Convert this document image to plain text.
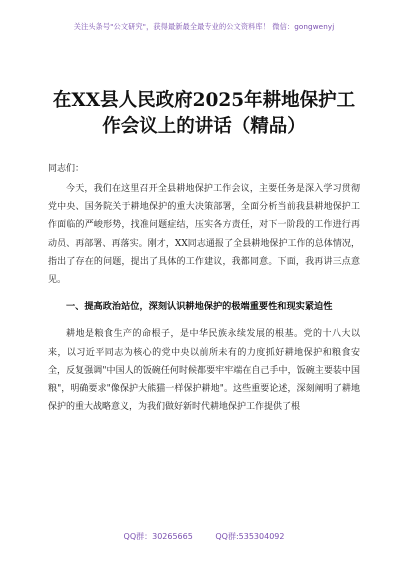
关注头条号"公文研究"，获得最新最全最专业的公文资料库！ 微信：gongwenyj
在XX县人民政府2025年耕地保护工作会议上的讲话（精品）
同志们：

今天，我们在这里召开全县耕地保护工作会议，主要任务是深入学习贯彻党中央、国务院关于耕地保护的重大决策部署，全面分析当前我县耕地保护工作面临的严峻形势，找准问题症结，压实各方责任，对下一阶段的工作进行再动员、再部署、再落实。刚才，XX同志通报了全县耕地保护工作的总体情况，指出了存在的问题，提出了具体的工作建议，我都同意。下面，我再讲三点意见。

一、提高政治站位，深刻认识耕地保护的极端重要性和现实紧迫性

耕地是粮食生产的命根子，是中华民族永续发展的根基。党的十八大以来，以习近平同志为核心的党中央以前所未有的力度抓好耕地保护和粮食安全，反复强调"中国人的饭碗任何时候都要牢牢端在自己手中，饭碗主要装中国粮"，明确要求"像保护大熊猫一样保护耕地"。这些重要论述，深刻阐明了耕地保护的重大战略意义，为我们做好新时代耕地保护工作提供了根

QQ群：30265665	QQ群:535304092
